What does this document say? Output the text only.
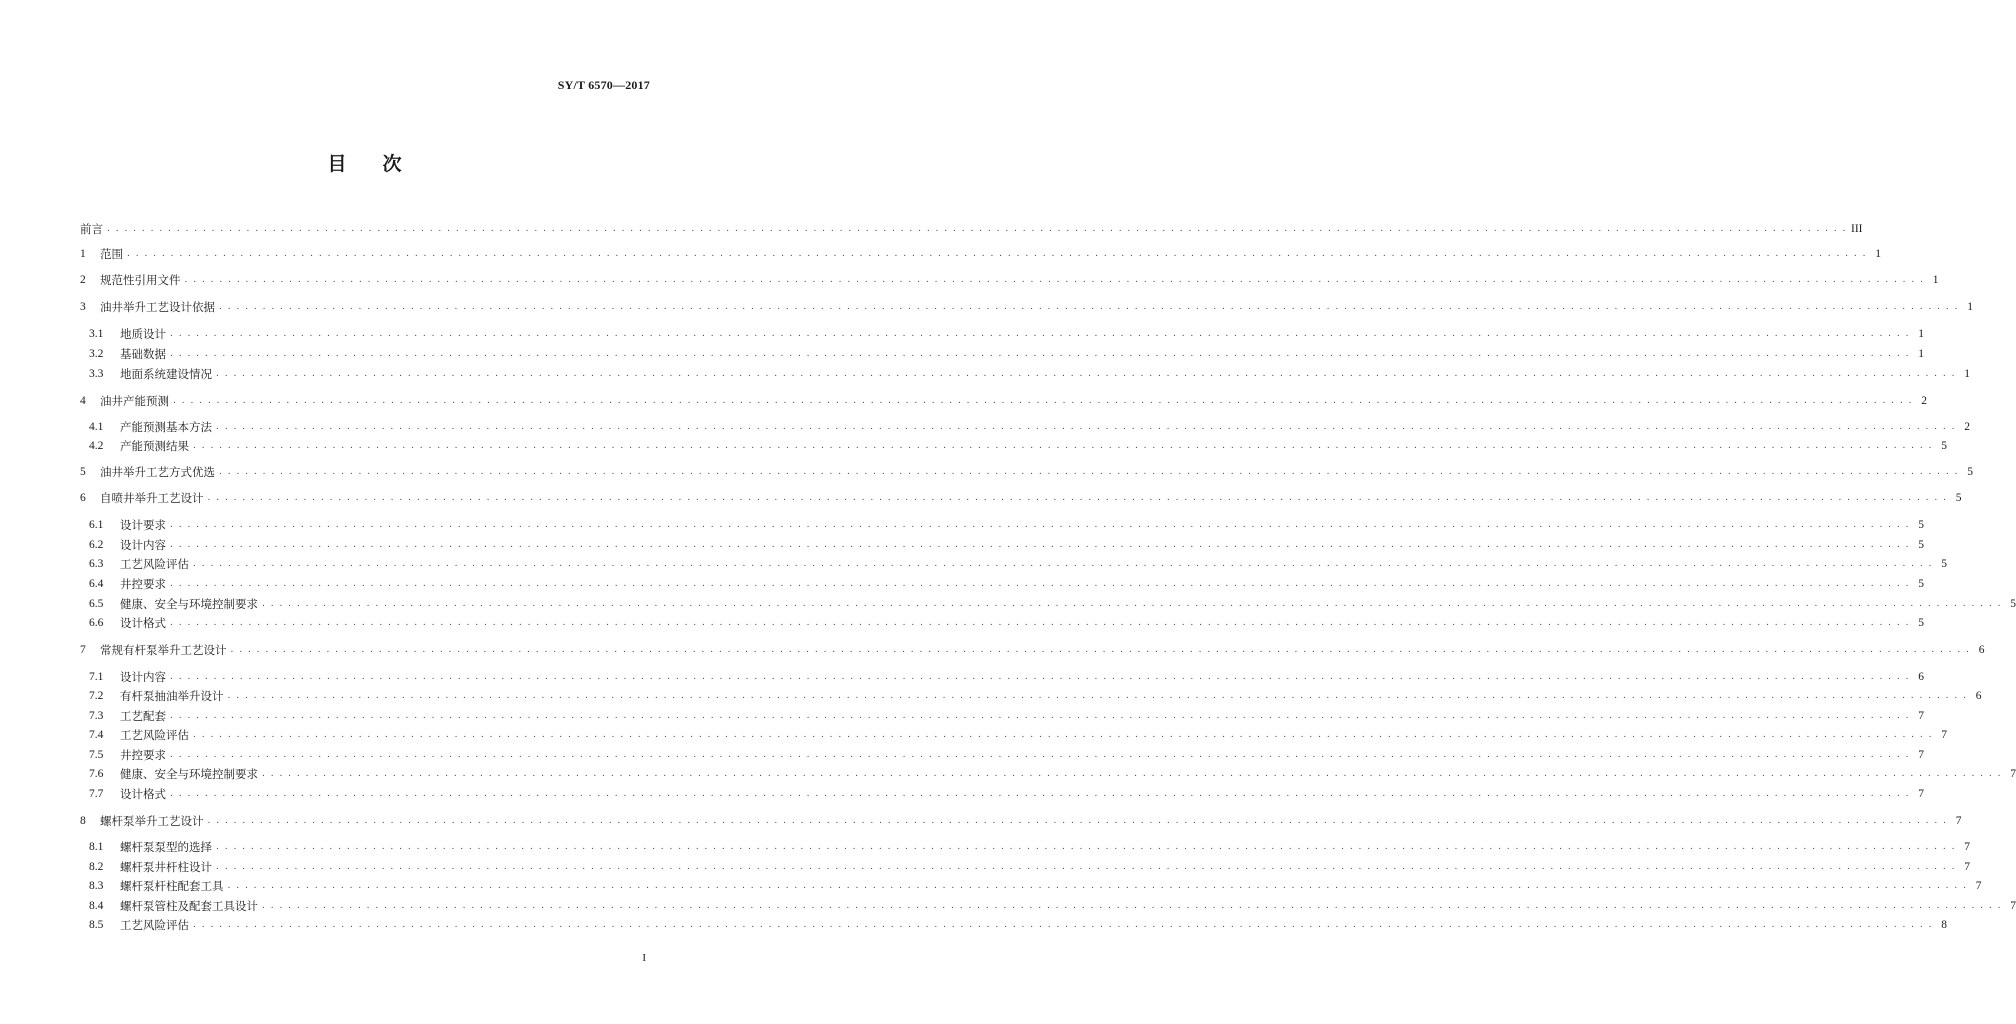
SY/T 6570—2017
目 次
前言 . . . . . . . . . . . . . . . . . . . . . . . . . . . . . . . . . . . . . . . . . . . . . . . . . . . . . . . . . . . . . . . . . . . . . . . . . . . . . . . . . . . . . . . . . . . . . . . . . . . . . . . . . . . . . . . . . . . . . . . . . . . . . . . . . . . . . . . . . . . . . . . . . . . . . . . . . . . . . . . . . . . . . . . . . . . . . . . . . . . . . . . . . . . . . . . . . . . . . . . . III
1	范围 . . . . . . . . . . . . . . . . . . . . . . . . . . . . . . . . . . . . . . . . . . . . . . . . . . . . . . . . . . . . . . . . . . . . . . . . . . . . . . . . . . . . . . . . . . . . . . . . . . . . . . . . . . . . . . . . . . . . . . . . . . . . . . . . . . . . . . . . . . . . . . . . . . . . . . . . . . . . . . . . . . . . . . . . . . . . . . . . . . . . . . . . . . . . . . . . . . . . . . . . 1
2	规范性引用文件 . . . . . . . . . . . . . . . . . . . . . . . . . . . . . . . . . . . . . . . . . . . . . . . . . . . . . . . . . . . . . . . . . . . . . . . . . . . . . . . . . . . . . . . . . . . . . . . . . . . . . . . . . . . . . . . . . . . . . . . . . . . . . . . . . . . . . . . . . . . . . . . . . . . . . . . . . . . . . . . . . . . . . . . . . . . . . . . . . . . . . . . . . . . . . . . . . . . . . . . . 1
3	油井举升工艺设计依据 . . . . . . . . . . . . . . . . . . . . . . . . . . . . . . . . . . . . . . . . . . . . . . . . . . . . . . . . . . . . . . . . . . . . . . . . . . . . . . . . . . . . . . . . . . . . . . . . . . . . . . . . . . . . . . . . . . . . . . . . . . . . . . . . . . . . . . . . . . . . . . . . . . . . . . . . . . . . . . . . . . . . . . . . . . . . . . . . . . . . . . . . . . . . . . . . . . . . . . . . 1
3.1	地质设计 . . . . . . . . . . . . . . . . . . . . . . . . . . . . . . . . . . . . . . . . . . . . . . . . . . . . . . . . . . . . . . . . . . . . . . . . . . . . . . . . . . . . . . . . . . . . . . . . . . . . . . . . . . . . . . . . . . . . . . . . . . . . . . . . . . . . . . . . . . . . . . . . . . . . . . . . . . . . . . . . . . . . . . . . . . . . . . . . . . . . . . . . . . . . . . . . . . . . . . . . 1
3.2	基础数据 . . . . . . . . . . . . . . . . . . . . . . . . . . . . . . . . . . . . . . . . . . . . . . . . . . . . . . . . . . . . . . . . . . . . . . . . . . . . . . . . . . . . . . . . . . . . . . . . . . . . . . . . . . . . . . . . . . . . . . . . . . . . . . . . . . . . . . . . . . . . . . . . . . . . . . . . . . . . . . . . . . . . . . . . . . . . . . . . . . . . . . . . . . . . . . . . . . . . . . . . 1
3.3	地面系统建设情况 . . . . . . . . . . . . . . . . . . . . . . . . . . . . . . . . . . . . . . . . . . . . . . . . . . . . . . . . . . . . . . . . . . . . . . . . . . . . . . . . . . . . . . . . . . . . . . . . . . . . . . . . . . . . . . . . . . . . . . . . . . . . . . . . . . . . . . . . . . . . . . . . . . . . . . . . . . . . . . . . . . . . . . . . . . . . . . . . . . . . . . . . . . . . . . . . . . . . . . . . 1
4	油井产能预测 . . . . . . . . . . . . . . . . . . . . . . . . . . . . . . . . . . . . . . . . . . . . . . . . . . . . . . . . . . . . . . . . . . . . . . . . . . . . . . . . . . . . . . . . . . . . . . . . . . . . . . . . . . . . . . . . . . . . . . . . . . . . . . . . . . . . . . . . . . . . . . . . . . . . . . . . . . . . . . . . . . . . . . . . . . . . . . . . . . . . . . . . . . . . . . . . . . . . . . . . 2
4.1	产能预测基本方法 . . . . . . . . . . . . . . . . . . . . . . . . . . . . . . . . . . . . . . . . . . . . . . . . . . . . . . . . . . . . . . . . . . . . . . . . . . . . . . . . . . . . . . . . . . . . . . . . . . . . . . . . . . . . . . . . . . . . . . . . . . . . . . . . . . . . . . . . . . . . . . . . . . . . . . . . . . . . . . . . . . . . . . . . . . . . . . . . . . . . . . . . . . . . . . . . . . . . . . . . 2
4.2	产能预测结果 . . . . . . . . . . . . . . . . . . . . . . . . . . . . . . . . . . . . . . . . . . . . . . . . . . . . . . . . . . . . . . . . . . . . . . . . . . . . . . . . . . . . . . . . . . . . . . . . . . . . . . . . . . . . . . . . . . . . . . . . . . . . . . . . . . . . . . . . . . . . . . . . . . . . . . . . . . . . . . . . . . . . . . . . . . . . . . . . . . . . . . . . . . . . . . . . . . . . . . . . 5
5	油井举升工艺方式优选 . . . . . . . . . . . . . . . . . . . . . . . . . . . . . . . . . . . . . . . . . . . . . . . . . . . . . . . . . . . . . . . . . . . . . . . . . . . . . . . . . . . . . . . . . . . . . . . . . . . . . . . . . . . . . . . . . . . . . . . . . . . . . . . . . . . . . . . . . . . . . . . . . . . . . . . . . . . . . . . . . . . . . . . . . . . . . . . . . . . . . . . . . . . . . . . . . . . . . . . . 5
6	自喷井举升工艺设计 . . . . . . . . . . . . . . . . . . . . . . . . . . . . . . . . . . . . . . . . . . . . . . . . . . . . . . . . . . . . . . . . . . . . . . . . . . . . . . . . . . . . . . . . . . . . . . . . . . . . . . . . . . . . . . . . . . . . . . . . . . . . . . . . . . . . . . . . . . . . . . . . . . . . . . . . . . . . . . . . . . . . . . . . . . . . . . . . . . . . . . . . . . . . . . . . . . . . . . . . 5
6.1	设计要求 . . . . . . . . . . . . . . . . . . . . . . . . . . . . . . . . . . . . . . . . . . . . . . . . . . . . . . . . . . . . . . . . . . . . . . . . . . . . . . . . . . . . . . . . . . . . . . . . . . . . . . . . . . . . . . . . . . . . . . . . . . . . . . . . . . . . . . . . . . . . . . . . . . . . . . . . . . . . . . . . . . . . . . . . . . . . . . . . . . . . . . . . . . . . . . . . . . . . . . . . 5
6.2	设计内容 . . . . . . . . . . . . . . . . . . . . . . . . . . . . . . . . . . . . . . . . . . . . . . . . . . . . . . . . . . . . . . . . . . . . . . . . . . . . . . . . . . . . . . . . . . . . . . . . . . . . . . . . . . . . . . . . . . . . . . . . . . . . . . . . . . . . . . . . . . . . . . . . . . . . . . . . . . . . . . . . . . . . . . . . . . . . . . . . . . . . . . . . . . . . . . . . . . . . . . . . 5
6.3	工艺风险评估 . . . . . . . . . . . . . . . . . . . . . . . . . . . . . . . . . . . . . . . . . . . . . . . . . . . . . . . . . . . . . . . . . . . . . . . . . . . . . . . . . . . . . . . . . . . . . . . . . . . . . . . . . . . . . . . . . . . . . . . . . . . . . . . . . . . . . . . . . . . . . . . . . . . . . . . . . . . . . . . . . . . . . . . . . . . . . . . . . . . . . . . . . . . . . . . . . . . . . . . . 5
6.4	井控要求 . . . . . . . . . . . . . . . . . . . . . . . . . . . . . . . . . . . . . . . . . . . . . . . . . . . . . . . . . . . . . . . . . . . . . . . . . . . . . . . . . . . . . . . . . . . . . . . . . . . . . . . . . . . . . . . . . . . . . . . . . . . . . . . . . . . . . . . . . . . . . . . . . . . . . . . . . . . . . . . . . . . . . . . . . . . . . . . . . . . . . . . . . . . . . . . . . . . . . . . . 5
6.5	健康、安全与环境控制要求 . . . . . . . . . . . . . . . . . . . . . . . . . . . . . . . . . . . . . . . . . . . . . . . . . . . . . . . . . . . . . . . . . . . . . . . . . . . . . . . . . . . . . . . . . . . . . . . . . . . . . . . . . . . . . . . . . . . . . . . . . . . . . . . . . . . . . . . . . . . . . . . . . . . . . . . . . . . . . . . . . . . . . . . . . . . . . . . . . . . . . . . . . . . . . . . . . . . . . . . . 5
6.6	设计格式 . . . . . . . . . . . . . . . . . . . . . . . . . . . . . . . . . . . . . . . . . . . . . . . . . . . . . . . . . . . . . . . . . . . . . . . . . . . . . . . . . . . . . . . . . . . . . . . . . . . . . . . . . . . . . . . . . . . . . . . . . . . . . . . . . . . . . . . . . . . . . . . . . . . . . . . . . . . . . . . . . . . . . . . . . . . . . . . . . . . . . . . . . . . . . . . . . . . . . . . . 5
7	常规有杆泵举升工艺设计 . . . . . . . . . . . . . . . . . . . . . . . . . . . . . . . . . . . . . . . . . . . . . . . . . . . . . . . . . . . . . . . . . . . . . . . . . . . . . . . . . . . . . . . . . . . . . . . . . . . . . . . . . . . . . . . . . . . . . . . . . . . . . . . . . . . . . . . . . . . . . . . . . . . . . . . . . . . . . . . . . . . . . . . . . . . . . . . . . . . . . . . . . . . . . . . . . . . . . . . . 6
7.1	设计内容 . . . . . . . . . . . . . . . . . . . . . . . . . . . . . . . . . . . . . . . . . . . . . . . . . . . . . . . . . . . . . . . . . . . . . . . . . . . . . . . . . . . . . . . . . . . . . . . . . . . . . . . . . . . . . . . . . . . . . . . . . . . . . . . . . . . . . . . . . . . . . . . . . . . . . . . . . . . . . . . . . . . . . . . . . . . . . . . . . . . . . . . . . . . . . . . . . . . . . . . . 6
7.2	有杆泵抽油举升设计 . . . . . . . . . . . . . . . . . . . . . . . . . . . . . . . . . . . . . . . . . . . . . . . . . . . . . . . . . . . . . . . . . . . . . . . . . . . . . . . . . . . . . . . . . . . . . . . . . . . . . . . . . . . . . . . . . . . . . . . . . . . . . . . . . . . . . . . . . . . . . . . . . . . . . . . . . . . . . . . . . . . . . . . . . . . . . . . . . . . . . . . . . . . . . . . . . . . . . . . . 6
7.3	工艺配套 . . . . . . . . . . . . . . . . . . . . . . . . . . . . . . . . . . . . . . . . . . . . . . . . . . . . . . . . . . . . . . . . . . . . . . . . . . . . . . . . . . . . . . . . . . . . . . . . . . . . . . . . . . . . . . . . . . . . . . . . . . . . . . . . . . . . . . . . . . . . . . . . . . . . . . . . . . . . . . . . . . . . . . . . . . . . . . . . . . . . . . . . . . . . . . . . . . . . . . . . 7
7.4	工艺风险评估 . . . . . . . . . . . . . . . . . . . . . . . . . . . . . . . . . . . . . . . . . . . . . . . . . . . . . . . . . . . . . . . . . . . . . . . . . . . . . . . . . . . . . . . . . . . . . . . . . . . . . . . . . . . . . . . . . . . . . . . . . . . . . . . . . . . . . . . . . . . . . . . . . . . . . . . . . . . . . . . . . . . . . . . . . . . . . . . . . . . . . . . . . . . . . . . . . . . . . . . . 7
7.5	井控要求 . . . . . . . . . . . . . . . . . . . . . . . . . . . . . . . . . . . . . . . . . . . . . . . . . . . . . . . . . . . . . . . . . . . . . . . . . . . . . . . . . . . . . . . . . . . . . . . . . . . . . . . . . . . . . . . . . . . . . . . . . . . . . . . . . . . . . . . . . . . . . . . . . . . . . . . . . . . . . . . . . . . . . . . . . . . . . . . . . . . . . . . . . . . . . . . . . . . . . . . . 7
7.6	健康、安全与环境控制要求 . . . . . . . . . . . . . . . . . . . . . . . . . . . . . . . . . . . . . . . . . . . . . . . . . . . . . . . . . . . . . . . . . . . . . . . . . . . . . . . . . . . . . . . . . . . . . . . . . . . . . . . . . . . . . . . . . . . . . . . . . . . . . . . . . . . . . . . . . . . . . . . . . . . . . . . . . . . . . . . . . . . . . . . . . . . . . . . . . . . . . . . . . . . . . . . . . . . . . . . . 7
7.7	设计格式 . . . . . . . . . . . . . . . . . . . . . . . . . . . . . . . . . . . . . . . . . . . . . . . . . . . . . . . . . . . . . . . . . . . . . . . . . . . . . . . . . . . . . . . . . . . . . . . . . . . . . . . . . . . . . . . . . . . . . . . . . . . . . . . . . . . . . . . . . . . . . . . . . . . . . . . . . . . . . . . . . . . . . . . . . . . . . . . . . . . . . . . . . . . . . . . . . . . . . . . . 7
8	螺杆泵举升工艺设计 . . . . . . . . . . . . . . . . . . . . . . . . . . . . . . . . . . . . . . . . . . . . . . . . . . . . . . . . . . . . . . . . . . . . . . . . . . . . . . . . . . . . . . . . . . . . . . . . . . . . . . . . . . . . . . . . . . . . . . . . . . . . . . . . . . . . . . . . . . . . . . . . . . . . . . . . . . . . . . . . . . . . . . . . . . . . . . . . . . . . . . . . . . . . . . . . . . . . . . . . 7
8.1	螺杆泵泵型的选择 . . . . . . . . . . . . . . . . . . . . . . . . . . . . . . . . . . . . . . . . . . . . . . . . . . . . . . . . . . . . . . . . . . . . . . . . . . . . . . . . . . . . . . . . . . . . . . . . . . . . . . . . . . . . . . . . . . . . . . . . . . . . . . . . . . . . . . . . . . . . . . . . . . . . . . . . . . . . . . . . . . . . . . . . . . . . . . . . . . . . . . . . . . . . . . . . . . . . . . . . 7
8.2	螺杆泵井杆柱设计 . . . . . . . . . . . . . . . . . . . . . . . . . . . . . . . . . . . . . . . . . . . . . . . . . . . . . . . . . . . . . . . . . . . . . . . . . . . . . . . . . . . . . . . . . . . . . . . . . . . . . . . . . . . . . . . . . . . . . . . . . . . . . . . . . . . . . . . . . . . . . . . . . . . . . . . . . . . . . . . . . . . . . . . . . . . . . . . . . . . . . . . . . . . . . . . . . . . . . . . . 7
8.3	螺杆泵杆柱配套工具 . . . . . . . . . . . . . . . . . . . . . . . . . . . . . . . . . . . . . . . . . . . . . . . . . . . . . . . . . . . . . . . . . . . . . . . . . . . . . . . . . . . . . . . . . . . . . . . . . . . . . . . . . . . . . . . . . . . . . . . . . . . . . . . . . . . . . . . . . . . . . . . . . . . . . . . . . . . . . . . . . . . . . . . . . . . . . . . . . . . . . . . . . . . . . . . . . . . . . . . . 7
8.4	螺杆泵管柱及配套工具设计 . . . . . . . . . . . . . . . . . . . . . . . . . . . . . . . . . . . . . . . . . . . . . . . . . . . . . . . . . . . . . . . . . . . . . . . . . . . . . . . . . . . . . . . . . . . . . . . . . . . . . . . . . . . . . . . . . . . . . . . . . . . . . . . . . . . . . . . . . . . . . . . . . . . . . . . . . . . . . . . . . . . . . . . . . . . . . . . . . . . . . . . . . . . . . . . . . . . . . . . . 7
8.5	工艺风险评估 . . . . . . . . . . . . . . . . . . . . . . . . . . . . . . . . . . . . . . . . . . . . . . . . . . . . . . . . . . . . . . . . . . . . . . . . . . . . . . . . . . . . . . . . . . . . . . . . . . . . . . . . . . . . . . . . . . . . . . . . . . . . . . . . . . . . . . . . . . . . . . . . . . . . . . . . . . . . . . . . . . . . . . . . . . . . . . . . . . . . . . . . . . . . . . . . . . . . . . . . 8
I
